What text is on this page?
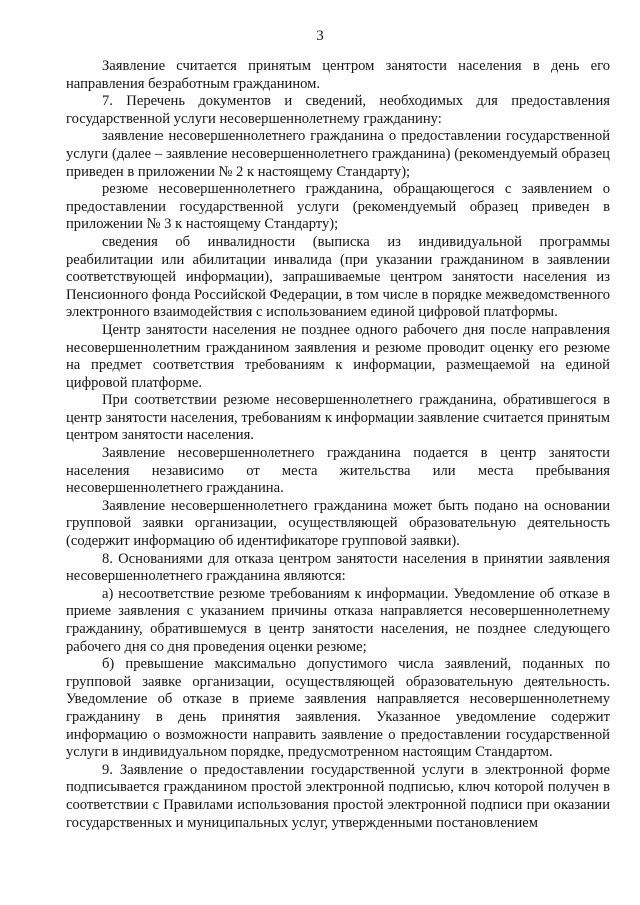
3

Заявление считается принятым центром занятости населения в день его направления безработным гражданином.

7. Перечень документов и сведений, необходимых для предоставления государственной услуги несовершеннолетнему гражданину:

заявление несовершеннолетнего гражданина о предоставлении государственной услуги (далее – заявление несовершеннолетнего гражданина) (рекомендуемый образец приведен в приложении № 2 к настоящему Стандарту);

резюме несовершеннолетнего гражданина, обращающегося с заявлением о предоставлении государственной услуги (рекомендуемый образец приведен в приложении № 3 к настоящему Стандарту);

сведения об инвалидности (выписка из индивидуальной программы реабилитации или абилитации инвалида (при указании гражданином в заявлении соответствующей информации), запрашиваемые центром занятости населения из Пенсионного фонда Российской Федерации, в том числе в порядке межведомственного электронного взаимодействия с использованием единой цифровой платформы.

Центр занятости населения не позднее одного рабочего дня после направления несовершеннолетним гражданином заявления и резюме проводит оценку его резюме на предмет соответствия требованиям к информации, размещаемой на единой цифровой платформе.

При соответствии резюме несовершеннолетнего гражданина, обратившегося в центр занятости населения, требованиям к информации заявление считается принятым центром занятости населения.

Заявление несовершеннолетнего гражданина подается в центр занятости населения независимо от места жительства или места пребывания несовершеннолетнего гражданина.

Заявление несовершеннолетнего гражданина может быть подано на основании групповой заявки организации, осуществляющей образовательную деятельность (содержит информацию об идентификаторе групповой заявки).

8. Основаниями для отказа центром занятости населения в принятии заявления несовершеннолетнего гражданина являются:

а) несоответствие резюме требованиям к информации. Уведомление об отказе в приеме заявления с указанием причины отказа направляется несовершеннолетнему гражданину, обратившемуся в центр занятости населения, не позднее следующего рабочего дня со дня проведения оценки резюме;

б) превышение максимально допустимого числа заявлений, поданных по групповой заявке организации, осуществляющей образовательную деятельность. Уведомление об отказе в приеме заявления направляется несовершеннолетнему гражданину в день принятия заявления. Указанное уведомление содержит информацию о возможности направить заявление о предоставлении государственной услуги в индивидуальном порядке, предусмотренном настоящим Стандартом.

9. Заявление о предоставлении государственной услуги в электронной форме подписывается гражданином простой электронной подписью, ключ которой получен в соответствии с Правилами использования простой электронной подписи при оказании государственных и муниципальных услуг, утвержденными постановлением
